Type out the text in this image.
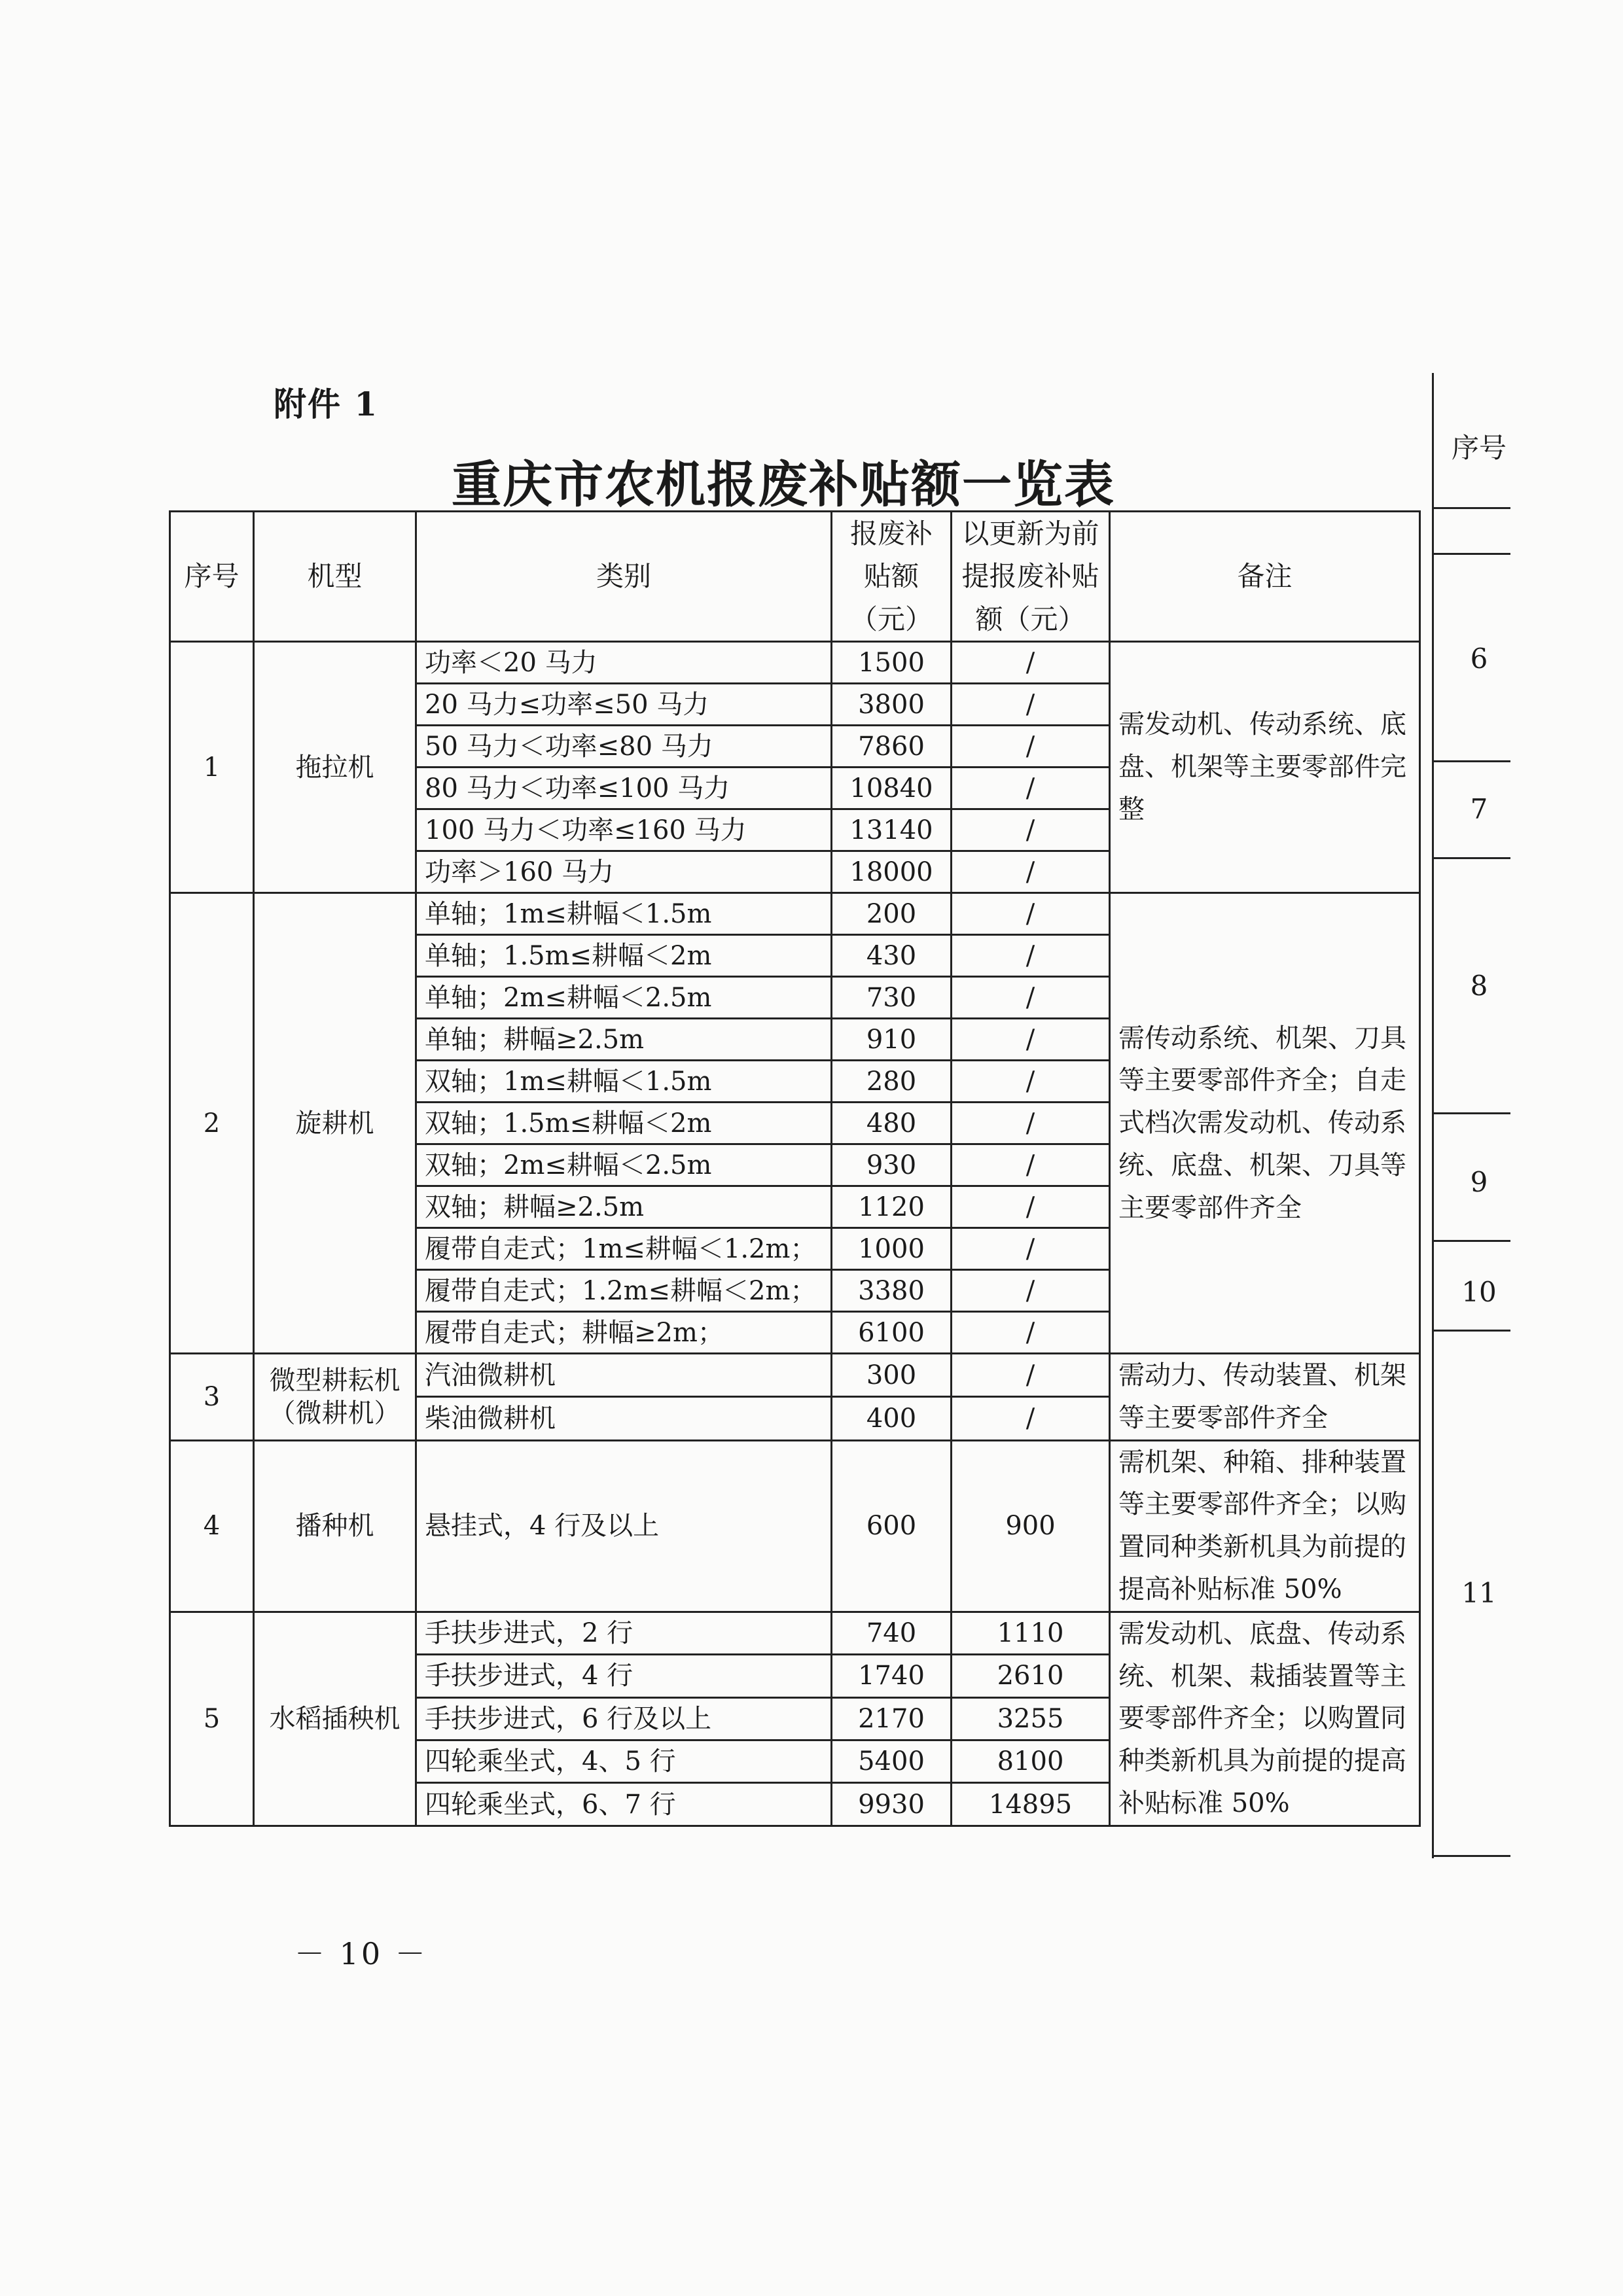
附件 1
重庆市农机报废补贴额一览表
序号	机型	类别	报废补贴额（元）	以更新为前提报废补贴额（元）	备注
1	拖拉机	功率＜20 马力	1500	/	需发动机、传动系统、底盘、机架等主要零部件完整
		20 马力≤功率≤50 马力	3800	/	
		50 马力＜功率≤80 马力	7860	/	
		80 马力＜功率≤100 马力	10840	/	
		100 马力＜功率≤160 马力	13140	/	
		功率＞160 马力	18000	/	
2	旋耕机	单轴；1m≤耕幅＜1.5m	200	/	需传动系统、机架、刀具等主要零部件齐全；自走式档次需发动机、传动系统、底盘、机架、刀具等主要零部件齐全
		单轴；1.5m≤耕幅＜2m	430	/	
		单轴；2m≤耕幅＜2.5m	730	/	
		单轴；耕幅≥2.5m	910	/	
		双轴；1m≤耕幅＜1.5m	280	/	
		双轴；1.5m≤耕幅＜2m	480	/	
		双轴；2m≤耕幅＜2.5m	930	/	
		双轴；耕幅≥2.5m	1120	/	
		履带自走式；1m≤耕幅＜1.2m；	1000	/	
		履带自走式；1.2m≤耕幅＜2m；	3380	/	
		履带自走式；耕幅≥2m；	6100	/	
3	微型耕耘机（微耕机）	汽油微耕机	300	/	需动力、传动装置、机架等主要零部件齐全
		柴油微耕机	400	/	
4	播种机	悬挂式，4 行及以上	600	900	需机架、种箱、排种装置等主要零部件齐全；以购置同种类新机具为前提的提高补贴标准 50%
5	水稻插秧机	手扶步进式，2 行	740	1110	需发动机、底盘、传动系统、机架、栽插装置等主要零部件齐全；以购置同种类新机具为前提的提高补贴标准 50%
		手扶步进式，4 行	1740	2610	
		手扶步进式，6 行及以上	2170	3255	
		四轮乘坐式，4、5 行	5400	8100	
		四轮乘坐式，6、7 行	9930	14895	
－ 10 －
序号
6
7
8
9
10
11
